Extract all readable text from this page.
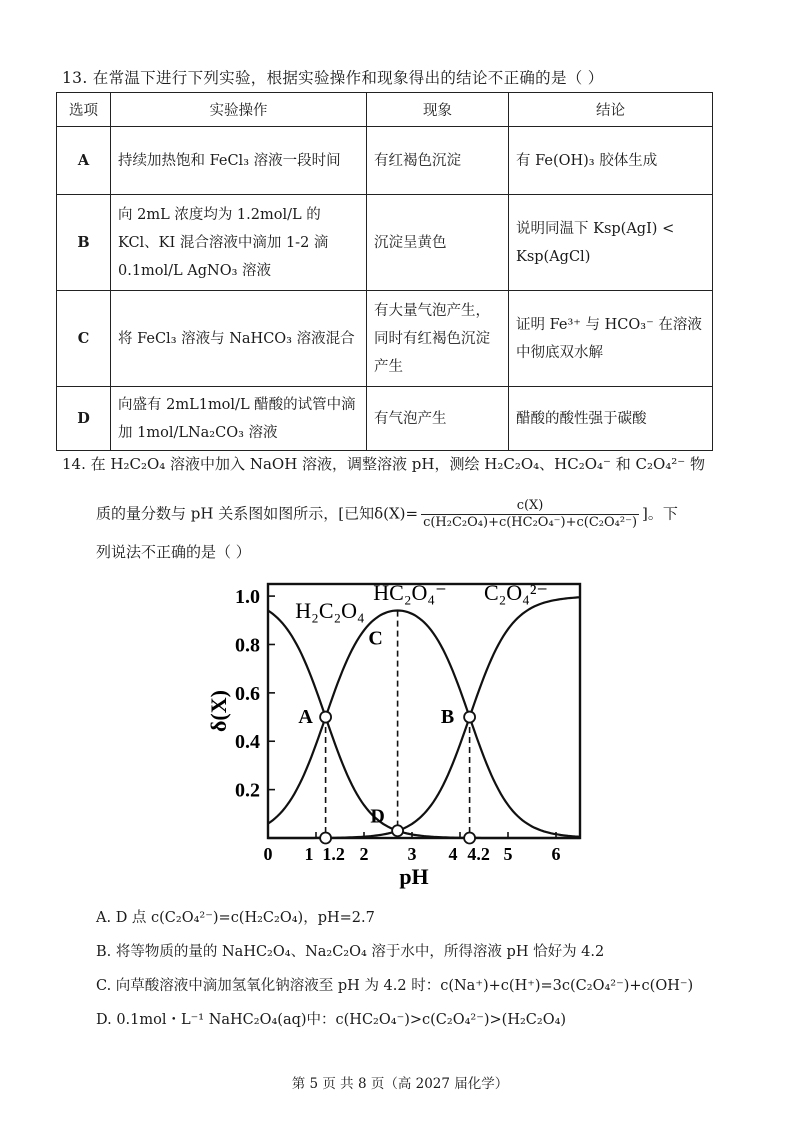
13. 在常温下进行下列实验，根据实验操作和现象得出的结论不正确的是（ ）
选项	实验操作	现象	结论
A	持续加热饱和 FeCl₃ 溶液一段时间	有红褐色沉淀	有 Fe(OH)₃ 胶体生成
B	向 2mL 浓度均为 1.2mol/L 的 KCl、KI 混合溶液中滴加 1-2 滴 0.1mol/L AgNO₃ 溶液	沉淀呈黄色	说明同温下 Ksp(AgI) < Ksp(AgCl)
C	将 FeCl₃ 溶液与 NaHCO₃ 溶液混合	有大量气泡产生，同时有红褐色沉淀产生	证明 Fe³⁺ 与 HCO₃⁻ 在溶液中彻底双水解
D	向盛有 2mL1mol/L 醋酸的试管中滴加 1mol/LNa₂CO₃ 溶液	有气泡产生	醋酸的酸性强于碳酸
14. 在 H₂C₂O₄ 溶液中加入 NaOH 溶液，调整溶液 pH，测绘 H₂C₂O₄、HC₂O₄⁻ 和 C₂O₄²⁻ 物
质的量分数与 pH 关系图如图所示，[已知$\delta(X)= \frac{c(X)}{\text{c(H₂C₂O₄)+c(HC₂O₄⁻)+c(C₂O₄²⁻)}}$ ]。下
列说法不正确的是（ ）
0.2
0.4
0.6
0.8
1.0
0 1 1.2 2 3 4 4.2 5 6
pH
δ(X)	A	B
C
D
H₂C₂O₄
HC₂O₄⁻ C₂O₄²⁻
A. D 点 c(C₂O₄²⁻)=c(H₂C₂O₄)，pH=2.7
B. 将等物质的量的 NaHC₂O₄、Na₂C₂O₄ 溶于水中，所得溶液 pH 恰好为 4.2
C. 向草酸溶液中滴加氢氧化钠溶液至 pH 为 4.2 时：c(Na⁺)+c(H⁺)=3c(C₂O₄²⁻)+c(OH⁻)
D. 0.1mol・L⁻¹ NaHC₂O₄(aq)中：c(HC₂O₄⁻)>c(C₂O₄²⁻)>(H₂C₂O₄)
第 5 页 共 8 页（高 2027 届化学）
